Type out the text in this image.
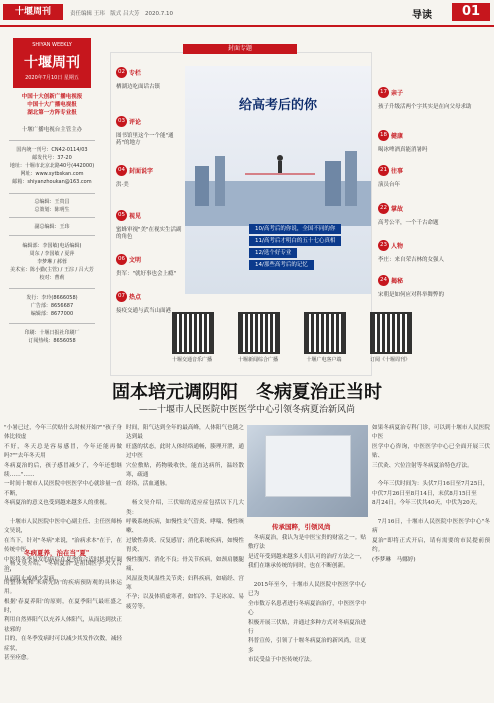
十堰周刊	责任编辑 王玮　版式 吕大芳　2020.7.10	导读	01
SHIYAN WEEKLY
十堰周刊
2020年7月10日 星期五
中国十大创新广播电视报
中国十大广播电视报
湖北第一方阵专业报
十堰广播电视台主管主办
国内统一刊号：CN42-0114/03
邮发代号：37-20
地址：十堰市北京北路40号(442000)
网址：www.sytbskan.com
邮箱：shiyanzhoukan@163.com
总编辑：王贵昌
总策划：陈明生
副总编辑：王玮
编辑部：李国敏(电话编辑)
周东 / 李国敏 / 夏萍
李梦琳 / 郝蓉
美术室：陈小勤(主管) / 王淙 / 吕大芳
校对：曹莉
发行：李玲(8666058)
广告部：8656687
编辑部：8677000
印刷：十堰日报社印刷厂
订阅热线：8656058
封面专题
给高考后的你
10/高考后的你说，全国不同的你
11/高考后才明白的五十七心真相
12/选个好专业
14/那些高考后的记忆
02 专栏
栖湖边吃面话古镇
03 评论
图书馆里这个一个能"通药"的地方
04 封面说字
洪·美
05 视见
蜜蜂审视"美"在视实生活副的角色
06 文明
贵军："就好事也会上瘾"
07 热点
接疫交通与武当山面港
17 亲子
孩子升级活两个字其实是在向父母求助
18 健康
喝冰啤酒真能消暑吗
21 往事
演员台年
22 掌故
高考公平，一个千古命题
23 人物
李庄：来自荣吉林的女强人
24 揭秘
宋朝是如何应对科举舞弊的
十堰交通音乐广播	十堰新闻综合广播	十堰广电客户端	订阅《十堰周刊》
固本培元调阴阳　冬病夏治正当时
——十堰市人民医院中医医学中心引领冬病夏治新风尚
"小暑已过，今年三伏贴什么时候开始?""孩子身体比较虚
不好，冬天总是容易感冒，今年还能再做吗?""去年冬天用
冬病夏治的后，孩子感冒减少了，今年还想继续……"……
一时间十堰市人民医院中医医学中心就诊量一直不断，
冬病夏治的意义也受到越来越多人的重视。

　十堰市人民医院中医中心副主任、主任医师杨文昊说，
在当下，针对"冬病"来说，"治病求本"在于，在传统中医
中医将冬季易发的病症在夏季的合适时机进行调治，
从而阻止或减少发病。
冬病夏养，治在当"夏"
　杨文昊介绍，"冬病夏治"是祖国医学'天人合一'
的整体观和'未病先防'的疾病预防观的具体运用。
根据'春夏养阳'的原则，在夏季阳气最旺盛之时，
利用自然界阳气以充养人体阳气，从而达到扶正祛邪的
目的，在冬季发病时可以减少其发作次数，减轻症状，
甚至痊愈。
时间，阳气达到全年的最高峰，人体阳气也随之达到最
旺盛的状态，此时人体经络通畅，腠理开泄，通过中医
穴位敷贴，药物吸收快，能直达病所，温经散寒，疏通
经络，活血通脉。

　杨文昊介绍，三伏贴的适应症包括以下几大类：
呼吸系统疾病，如慢性支气管炎、哮喘、慢性咳嗽、
过敏性鼻炎、反复感冒；消化系统疾病，如慢性胃炎、
慢性腹泻、消化不良；骨关节疾病，如颈肩腰腿痛、
风湿及类风湿性关节炎；妇科疾病，如痛经、宫寒
不孕；以及体质虚寒者，如怕冷、手足冰凉、易疲劳等。
传承国粹，引领风尚
　冬病夏治，我认为是中医宝贵的财富之一。贴敷疗法
是近年受到越来越多人们认可的治疗方法之一，
我们在继承传统的同时，也在不断创新。

　2015年至今，十堰市人民医院中医医学中心已为
全市数万名患者进行冬病夏治治疗，中医医学中心
积极开展三伏贴，并通过多种方式对冬病夏治进行
科普宣传，引领了十堰冬病夏治的新风尚，让更多
市民受益于中医传统疗法。
如果冬病夏治专科门诊，可以到十堰市人民医院中医
医学中心咨询，中医医学中心已全面开展三伏贴、
三伏灸、穴位注射等冬病夏治特色疗法。

　今年三伏时间为：头伏7月16日至7月25日，
中伏7月26日至8月14日，末伏8月15日至
8月24日。今年三伏共40天，中伏为20天。

　7月16日，十堰市人民医院中医医学中心"冬病
夏治"即将正式开启，请有需要的市民提前预约。
(李梦琳　马娜婷)
